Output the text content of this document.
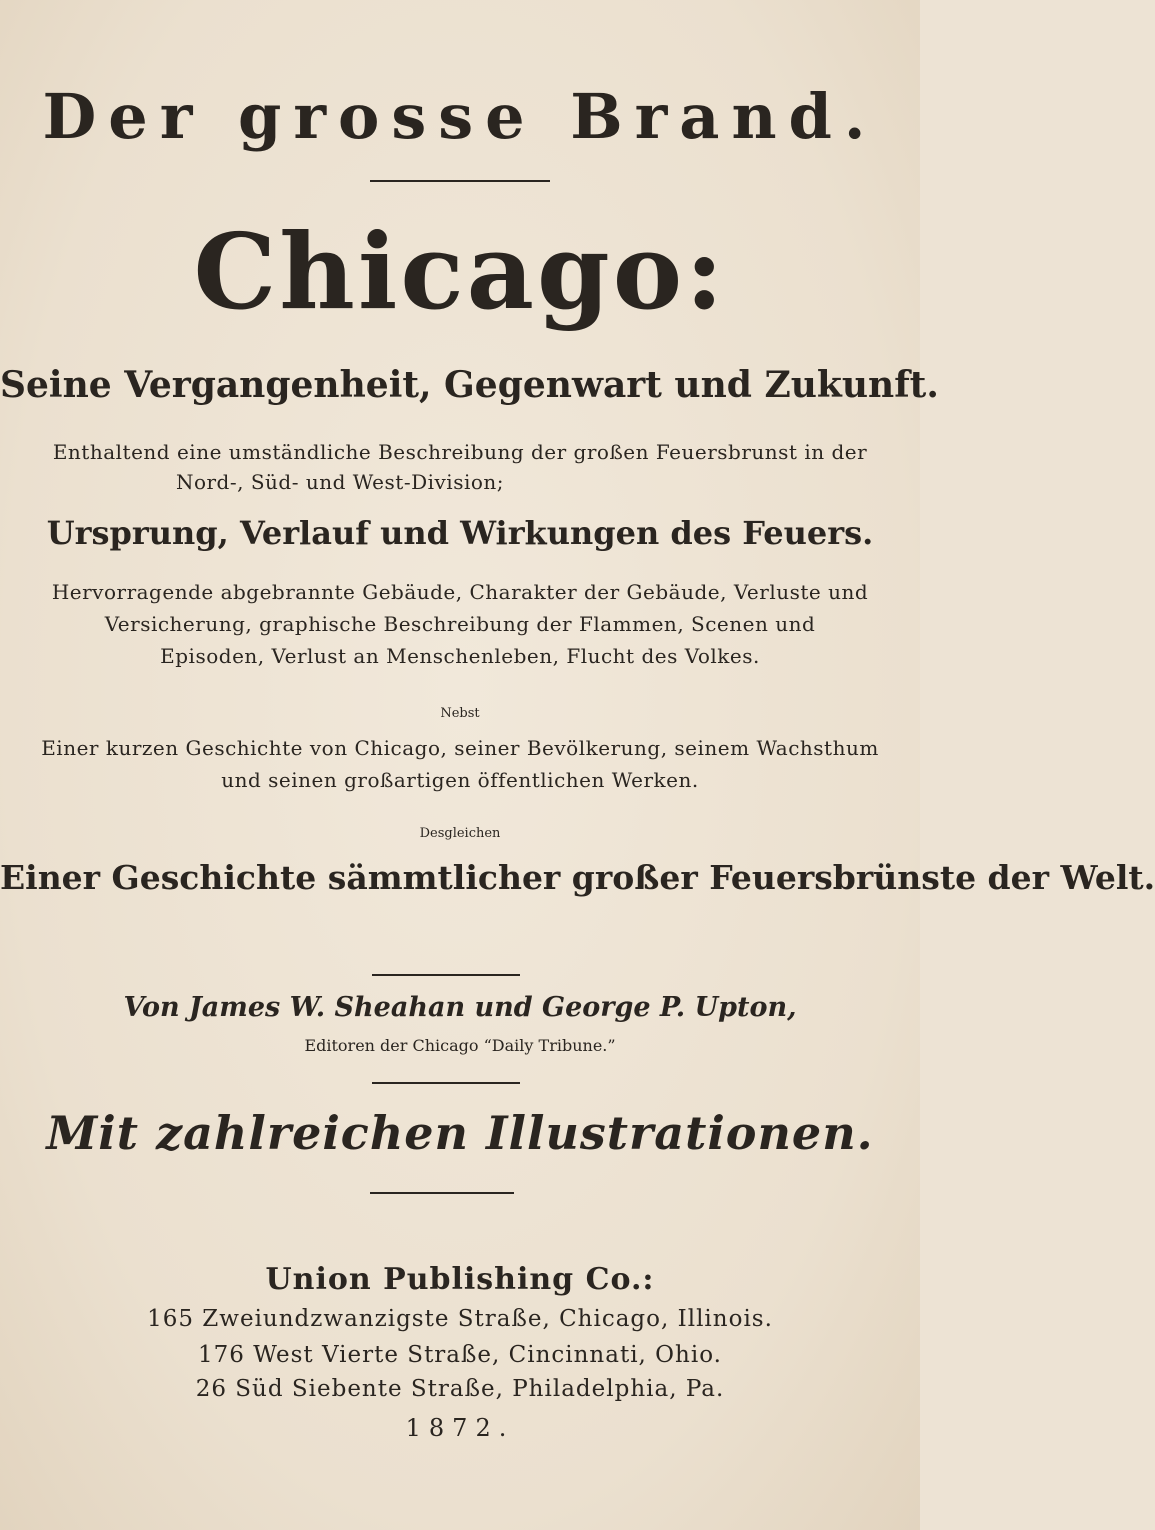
Der grosse Brand.
Chicago:
Seine Vergangenheit, Gegenwart und Zukunft.
Enthaltend eine umständliche Beschreibung der großen Feuersbrunst in der
Nord-, Süd- und West-Division;
Ursprung, Verlauf und Wirkungen des Feuers.
Hervorragende abgebrannte Gebäude, Charakter der Gebäude, Verluste und
Versicherung, graphische Beschreibung der Flammen, Scenen und
Episoden, Verlust an Menschenleben, Flucht des Volkes.
Nebst
Einer kurzen Geschichte von Chicago, seiner Bevölkerung, seinem Wachsthum
und seinen großartigen öffentlichen Werken.
Desgleichen
Einer Geschichte sämmtlicher großer Feuersbrünste der Welt.
Von James W. Sheahan und George P. Upton,
Editoren der Chicago “Daily Tribune.”
Mit zahlreichen Illustrationen.
Union Publishing Co.:
165 Zweiundzwanzigste Straße, Chicago, Illinois.
176 West Vierte Straße, Cincinnati, Ohio.
26 Süd Siebente Straße, Philadelphia, Pa.
1872.
